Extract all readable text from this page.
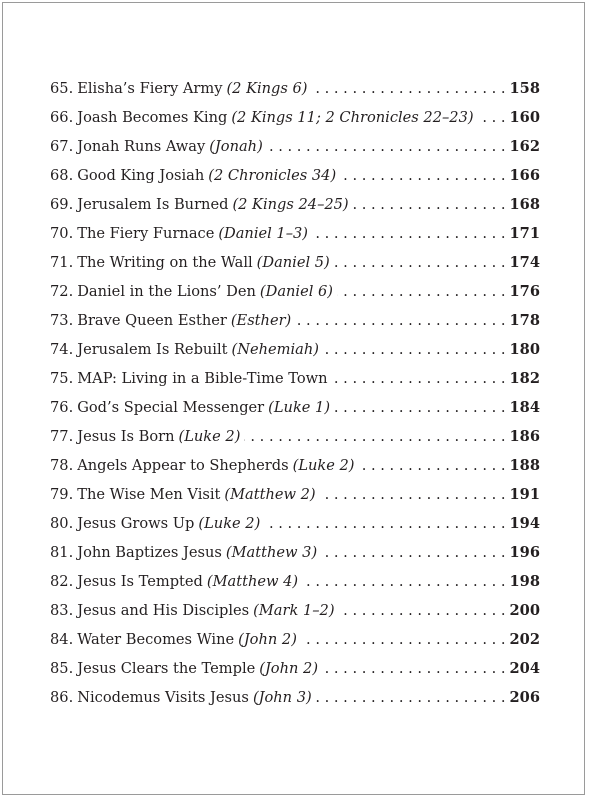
65. Elisha’s Fiery Army (2 Kings 6) . . .	158
66. Joash Becomes King (2 Kings 11; 2 Chronicles 22–23) . . . 160
67. Jonah Runs Away (Jonah) . . .	162
68. Good King Josiah (2 Chronicles 34) . . .	166
69. Jerusalem Is Burned (2 Kings 24–25) . . .	168
70. The Fiery Furnace (Daniel 1–3) . . .	171
71. The Writing on the Wall (Daniel 5) . . .	174
72. Daniel in the Lions’ Den (Daniel 6) . . .	176
73. Brave Queen Esther (Esther) . . .	178
74. Jerusalem Is Rebuilt (Nehemiah) . . .	180
75. MAP: Living in a Bible-Time Town . . .	182
76. God’s Special Messenger (Luke 1) . . .	184
77. Jesus Is Born (Luke 2) . . .	186
78. Angels Appear to Shepherds (Luke 2) . . .	188
79. The Wise Men Visit (Matthew 2) . . .	191
80. Jesus Grows Up (Luke 2) . . .	194
81. John Baptizes Jesus (Matthew 3) . . .	196
82. Jesus Is Tempted (Matthew 4) . . .	198
83. Jesus and His Disciples (Mark 1–2) . . .	200
84. Water Becomes Wine (John 2) . . .	202
85. Jesus Clears the Temple (John 2) . . .	204
86. Nicodemus Visits Jesus (John 3) . . .	206
